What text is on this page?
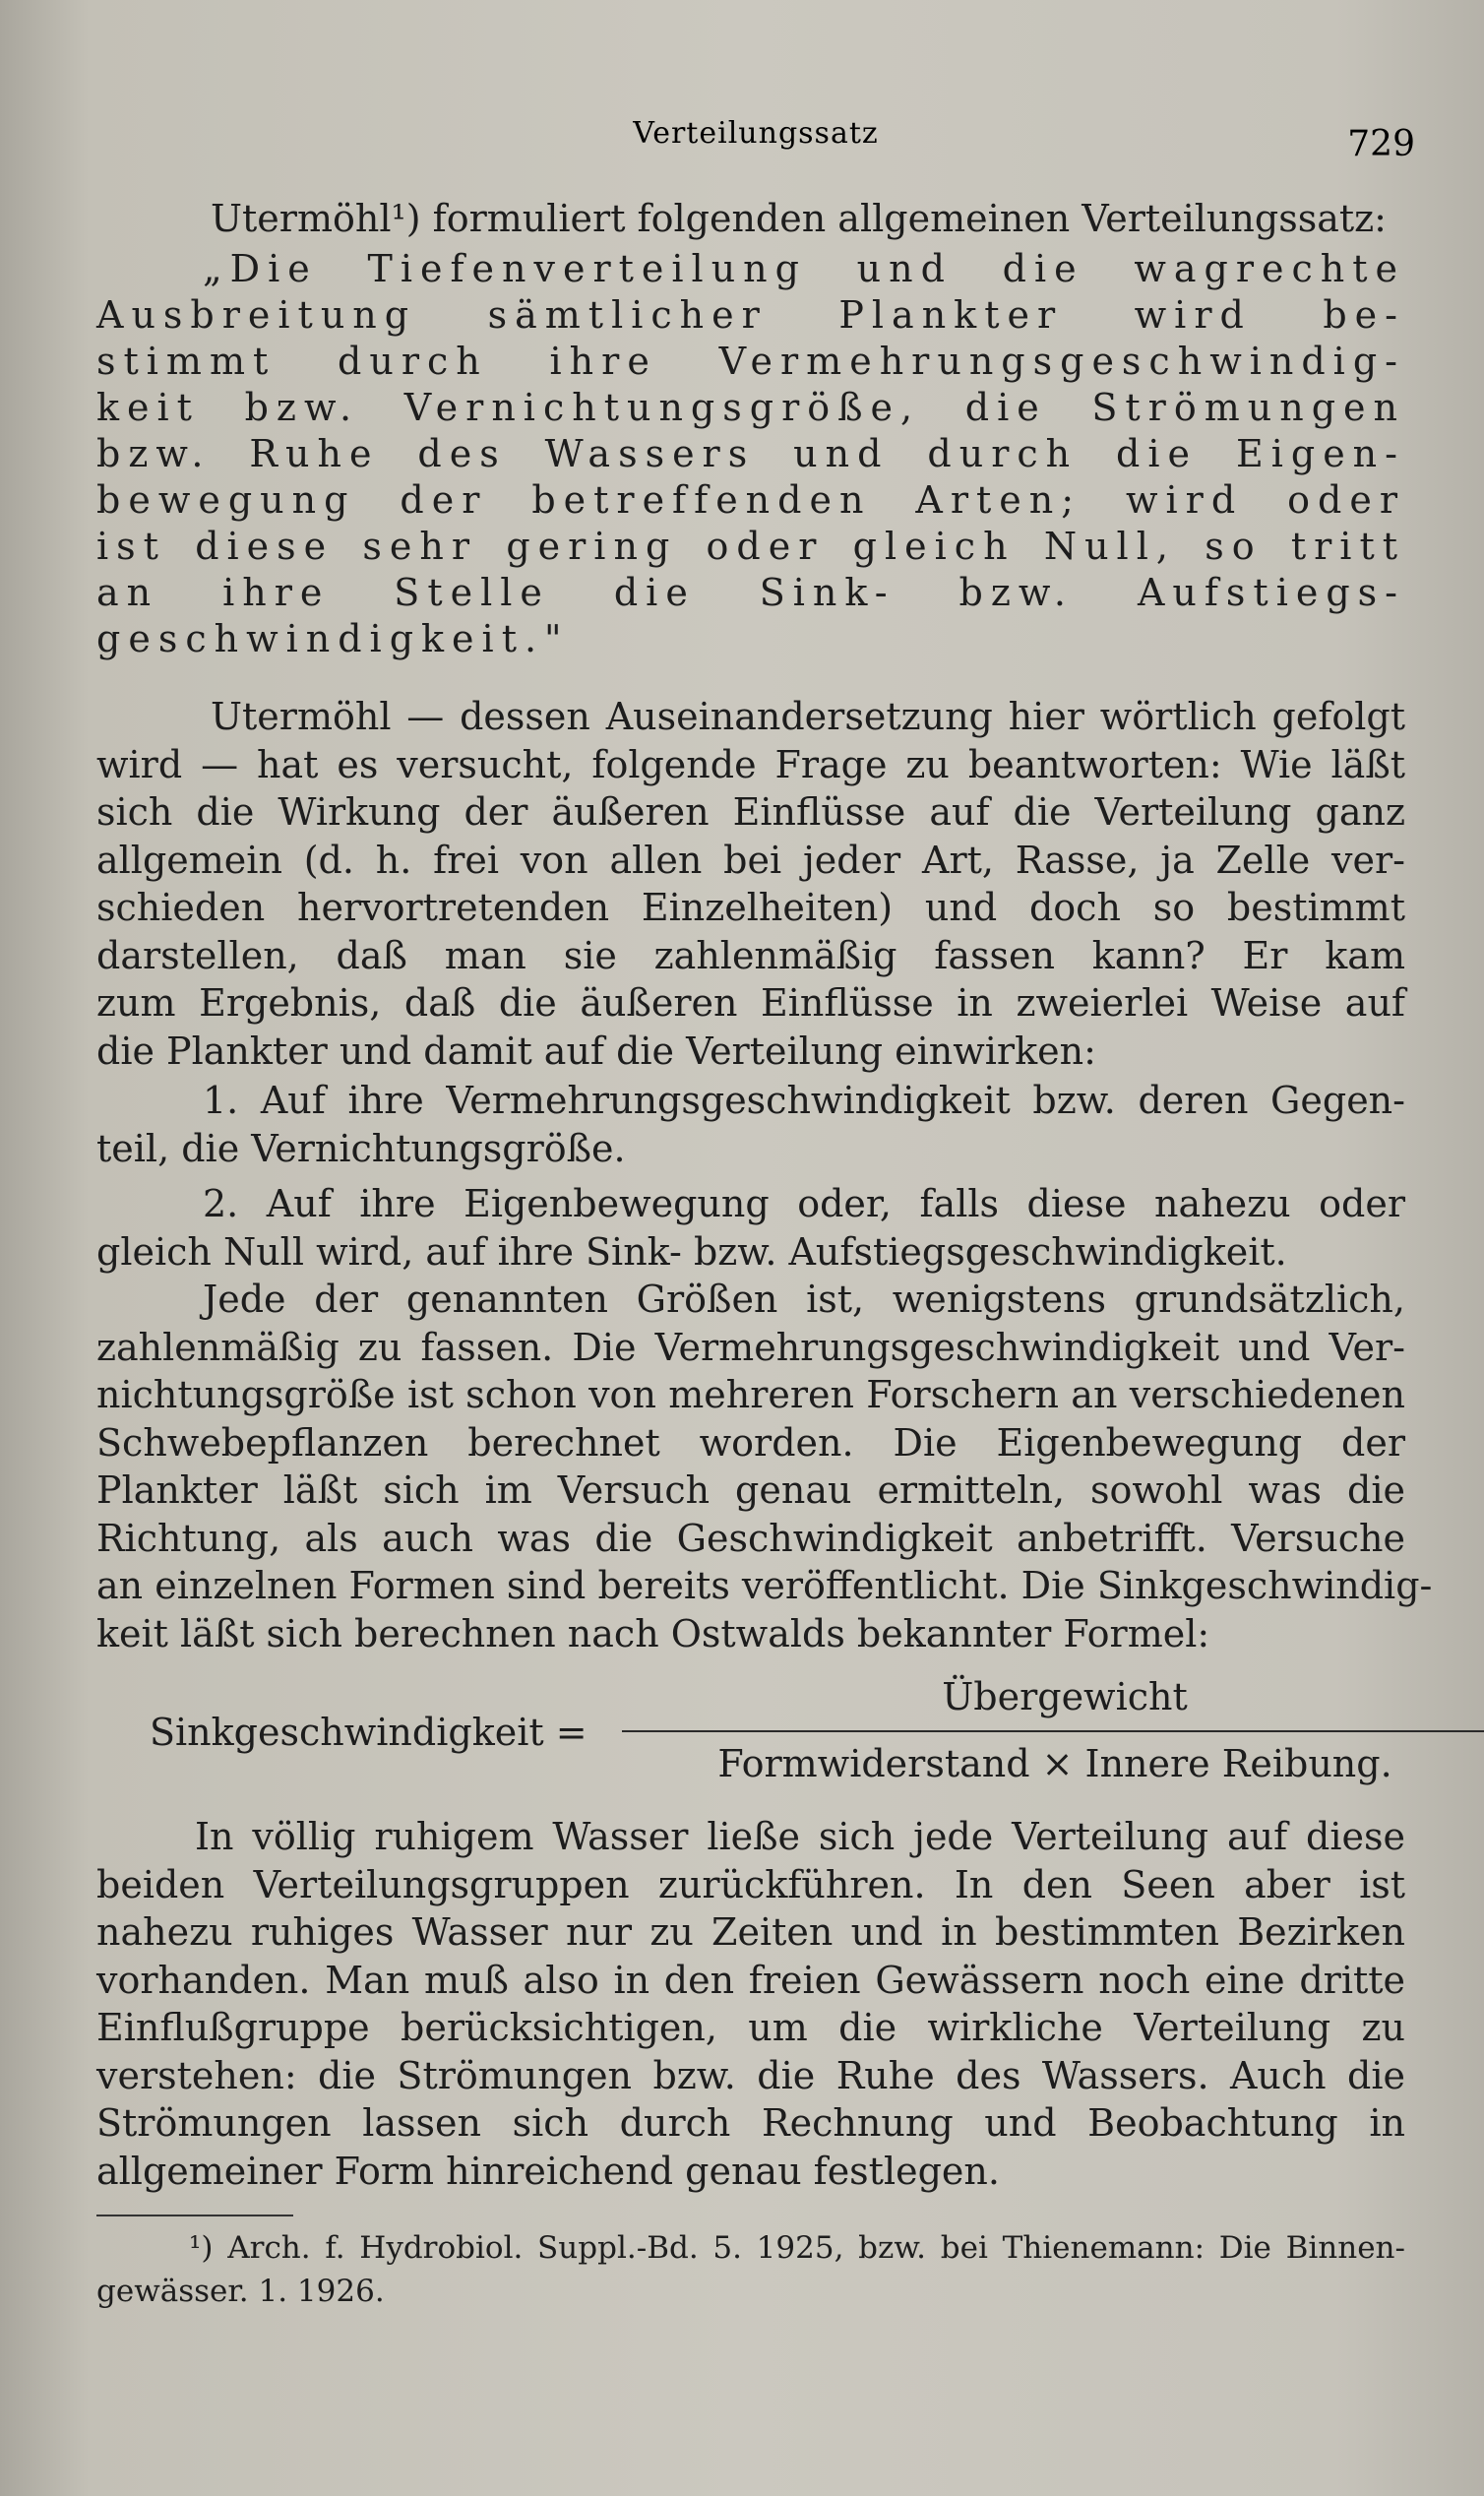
Verteilungssatz	729
Utermöhl¹) formuliert folgenden allgemeinen Verteilungssatz:
„Die Tiefenverteilung und die wagrechte
Ausbreitung sämtlicher Plankter wird be-
stimmt durch ihre Vermehrungsgeschwindig-
keit bzw. Vernichtungsgröße, die Strömungen
bzw. Ruhe des Wassers und durch die Eigen-
bewegung der betreffenden Arten; wird oder
ist diese sehr gering oder gleich Null, so tritt
an ihre Stelle die Sink- bzw. Aufstiegs-
geschwindigkeit."
Utermöhl — dessen Auseinandersetzung hier wörtlich gefolgt
wird — hat es versucht, folgende Frage zu beantworten: Wie läßt
sich die Wirkung der äußeren Einflüsse auf die Verteilung ganz
allgemein (d. h. frei von allen bei jeder Art, Rasse, ja Zelle ver-
schieden hervortretenden Einzelheiten) und doch so bestimmt
darstellen, daß man sie zahlenmäßig fassen kann? Er kam
zum Ergebnis, daß die äußeren Einflüsse in zweierlei Weise auf
die Plankter und damit auf die Verteilung einwirken:
1. Auf ihre Vermehrungsgeschwindigkeit bzw. deren Gegen-
teil, die Vernichtungsgröße.
2. Auf ihre Eigenbewegung oder, falls diese nahezu oder
gleich Null wird, auf ihre Sink- bzw. Aufstiegsgeschwindigkeit.
Jede der genannten Größen ist, wenigstens grundsätzlich,
zahlenmäßig zu fassen. Die Vermehrungsgeschwindigkeit und Ver-
nichtungsgröße ist schon von mehreren Forschern an verschiedenen
Schwebepflanzen berechnet worden. Die Eigenbewegung der
Plankter läßt sich im Versuch genau ermitteln, sowohl was die
Richtung, als auch was die Geschwindigkeit anbetrifft. Versuche
an einzelnen Formen sind bereits veröffentlicht. Die Sinkgeschwindig-
keit läßt sich berechnen nach Ostwalds bekannter Formel:
Sinkgeschwindigkeit =
Übergewicht
Formwiderstand × Innere Reibung.
In völlig ruhigem Wasser ließe sich jede Verteilung auf diese
beiden Verteilungsgruppen zurückführen. In den Seen aber ist
nahezu ruhiges Wasser nur zu Zeiten und in bestimmten Bezirken
vorhanden. Man muß also in den freien Gewässern noch eine dritte
Einflußgruppe berücksichtigen, um die wirkliche Verteilung zu
verstehen: die Strömungen bzw. die Ruhe des Wassers. Auch die
Strömungen lassen sich durch Rechnung und Beobachtung in
allgemeiner Form hinreichend genau festlegen.
¹) Arch. f. Hydrobiol. Suppl.-Bd. 5. 1925, bzw. bei Thienemann: Die Binnen-
gewässer. 1. 1926.
